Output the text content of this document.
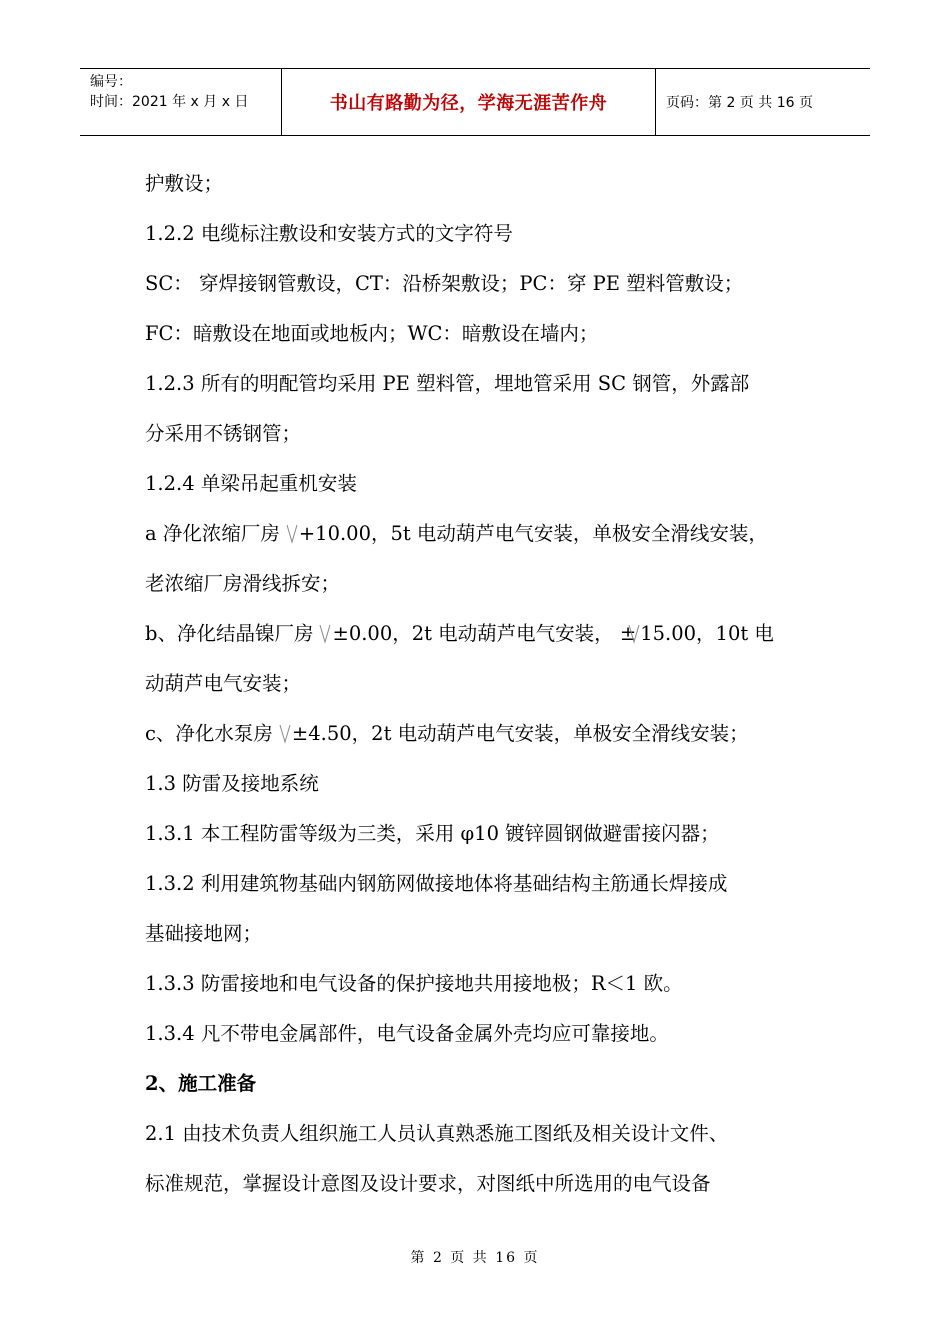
编号：
时间：2021 年 x 月 x 日	书山有路勤为径，学海无涯苦作舟	页码：第 2 页 共 16 页
护敷设；
1.2.2 电缆标注敷设和安装方式的文字符号
SC： 穿焊接钢管敷设，CT：沿桥架敷设；PC：穿 PE 塑料管敷设；
FC：暗敷设在地面或地板内；WC：暗敷设在墙内；
1.2.3 所有的明配管均采用 PE 塑料管，埋地管采用 SC 钢管，外露部
分采用不锈钢管；
1.2.4 单梁吊起重机安装
a 净化浓缩厂房 +10.00，5t 电动葫芦电气安装，单极安全滑线安装，
老浓缩厂房滑线拆安；
b、净化结晶镍厂房 ±0.00，2t 电动葫芦电气安装， ± 15.00，10t 电
动葫芦电气安装；
c、净化水泵房 ±4.50，2t 电动葫芦电气安装，单极安全滑线安装；
1.3 防雷及接地系统
1.3.1 本工程防雷等级为三类，采用 φ10 镀锌圆钢做避雷接闪器；
1.3.2 利用建筑物基础内钢筋网做接地体将基础结构主筋通长焊接成
基础接地网；
1.3.3 防雷接地和电气设备的保护接地共用接地极；R＜1 欧。
1.3.4 凡不带电金属部件，电气设备金属外壳均应可靠接地。
2、施工准备
2.1 由技术负责人组织施工人员认真熟悉施工图纸及相关设计文件、
标准规范，掌握设计意图及设计要求，对图纸中所选用的电气设备
第 2 页 共 16 页
